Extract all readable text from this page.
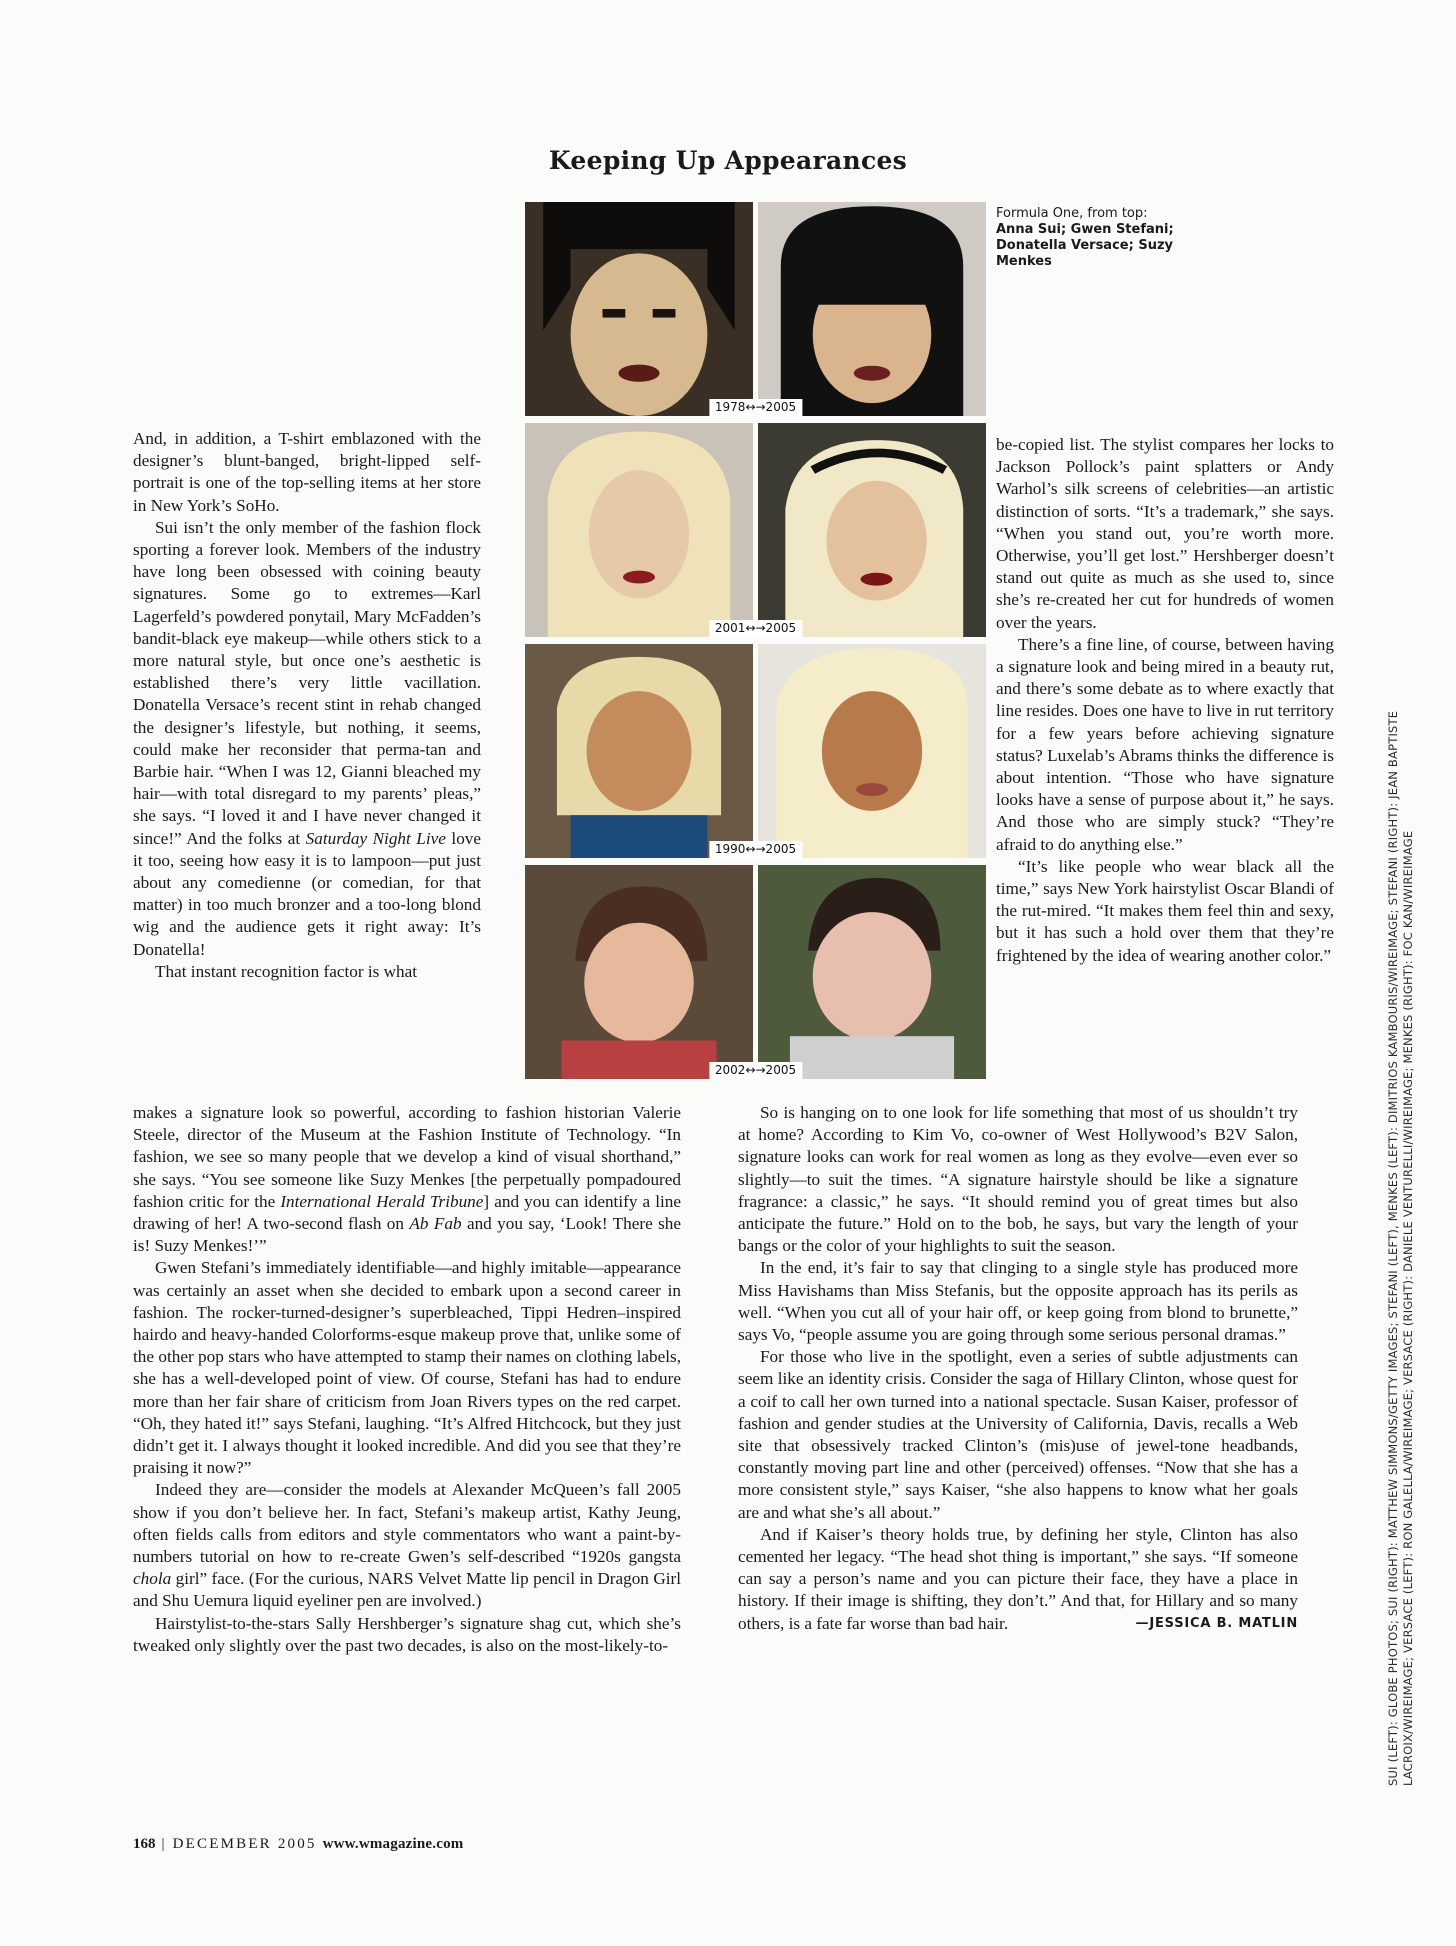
Keeping Up Appearances
Formula One, from top:
Anna Sui; Gwen Stefani; Donatella Versace; Suzy Menkes
1978↔→2005
2001↔→2005
1990↔→2005
2002↔→2005

And, in addition, a T-shirt emblazoned with the designer’s blunt-banged, bright-lipped self-portrait is one of the top-selling items at her store in New York’s SoHo.

Sui isn’t the only member of the fashion flock sporting a forever look. Members of the industry have long been obsessed with coining beauty signatures. Some go to extremes—Karl Lagerfeld’s powdered ponytail, Mary McFadden’s bandit-black eye makeup—while others stick to a more natural style, but once one’s aesthetic is established there’s very little vacillation. Donatella Versace’s recent stint in rehab changed the designer’s lifestyle, but nothing, it seems, could make her reconsider that perma-tan and Barbie hair. “When I was 12, Gianni bleached my hair—with total disregard to my parents’ pleas,” she says. “I loved it and I have never changed it since!” And the folks at Saturday Night Live love it too, seeing how easy it is to lampoon—put just about any comedienne (or comedian, for that matter) in too much bronzer and a too-long blond wig and the audience gets it right away: It’s Donatella!

That instant recognition factor is what

be-copied list. The stylist compares her locks to Jackson Pollock’s paint splatters or Andy Warhol’s silk screens of celebrities—an artistic distinction of sorts. “It’s a trademark,” she says. “When you stand out, you’re worth more. Otherwise, you’ll get lost.” Hershberger doesn’t stand out quite as much as she used to, since she’s re-created her cut for hundreds of women over the years.

There’s a fine line, of course, between having a signature look and being mired in a beauty rut, and there’s some debate as to where exactly that line resides. Does one have to live in rut territory for a few years before achieving signature status? Luxelab’s Abrams thinks the difference is about intention. “Those who have signature looks have a sense of purpose about it,” he says. And those who are simply stuck? “They’re afraid to do anything else.”

“It’s like people who wear black all the time,” says New York hairstylist Oscar Blandi of the rut-mired. “It makes them feel thin and sexy, but it has such a hold over them that they’re frightened by the idea of wearing another color.”

makes a signature look so powerful, according to fashion historian Valerie Steele, director of the Museum at the Fashion Institute of Technology. “In fashion, we see so many people that we develop a kind of visual shorthand,” she says. “You see someone like Suzy Menkes [the perpetually pompadoured fashion critic for the International Herald Tribune] and you can identify a line drawing of her! A two-second flash on Ab Fab and you say, ‘Look! There she is! Suzy Menkes!’”

Gwen Stefani’s immediately identifiable—and highly imitable—appearance was certainly an asset when she decided to embark upon a second career in fashion. The rocker-turned-designer’s superbleached, Tippi Hedren–inspired hairdo and heavy-handed Colorforms-esque makeup prove that, unlike some of the other pop stars who have attempted to stamp their names on clothing labels, she has a well-developed point of view. Of course, Stefani has had to endure more than her fair share of criticism from Joan Rivers types on the red carpet. “Oh, they hated it!” says Stefani, laughing. “It’s Alfred Hitchcock, but they just didn’t get it. I always thought it looked incredible. And did you see that they’re praising it now?”

Indeed they are—consider the models at Alexander McQueen’s fall 2005 show if you don’t believe her. In fact, Stefani’s makeup artist, Kathy Jeung, often fields calls from editors and style commentators who want a paint-by-numbers tutorial on how to re-create Gwen’s self-described “1920s gangsta chola girl” face. (For the curious, NARS Velvet Matte lip pencil in Dragon Girl and Shu Uemura liquid eyeliner pen are involved.)

Hairstylist-to-the-stars Sally Hershberger’s signature shag cut, which she’s tweaked only slightly over the past two decades, is also on the most-likely-to-

So is hanging on to one look for life something that most of us shouldn’t try at home? According to Kim Vo, co-owner of West Hollywood’s B2V Salon, signature looks can work for real women as long as they evolve—even ever so slightly—to suit the times. “A signature hairstyle should be like a signature fragrance: a classic,” he says. “It should remind you of great times but also anticipate the future.” Hold on to the bob, he says, but vary the length of your bangs or the color of your highlights to suit the season.

In the end, it’s fair to say that clinging to a single style has produced more Miss Havishams than Miss Stefanis, but the opposite approach has its perils as well. “When you cut all of your hair off, or keep going from blond to brunette,” says Vo, “people assume you are going through some serious personal dramas.”

For those who live in the spotlight, even a series of subtle adjustments can seem like an identity crisis. Consider the saga of Hillary Clinton, whose quest for a coif to call her own turned into a national spectacle. Susan Kaiser, professor of fashion and gender studies at the University of California, Davis, recalls a Web site that obsessively tracked Clinton’s (mis)use of jewel-tone headbands, constantly moving part line and other (perceived) offenses. “Now that she has a more consistent style,” says Kaiser, “she also happens to know what her goals are and what she’s all about.”

And if Kaiser’s theory holds true, by defining her style, Clinton has also cemented her legacy. “The head shot thing is important,” she says. “If someone can say a person’s name and you can picture their face, they have a place in history. If their image is shifting, they don’t.” And that, for Hillary and so many others, is a fate far worse than bad hair.	—JESSICA B. MATLIN

168 | DECEMBER 2005 www.wmagazine.com
SUI (LEFT): GLOBE PHOTOS; SUI (RIGHT): MATTHEW SIMMONS/GETTY IMAGES; STEFANI (LEFT), MENKES (LEFT): DIMITRIOS KAMBOURIS/WIREIMAGE; STEFANI (RIGHT): JEAN BAPTISTE LACROIX/WIREIMAGE; VERSACE (LEFT): RON GALELLA/WIREIMAGE; VERSACE (RIGHT): DANIELE VENTURELLI/WIREIMAGE; MENKES (RIGHT): FOC KAN/WIREIMAGE
